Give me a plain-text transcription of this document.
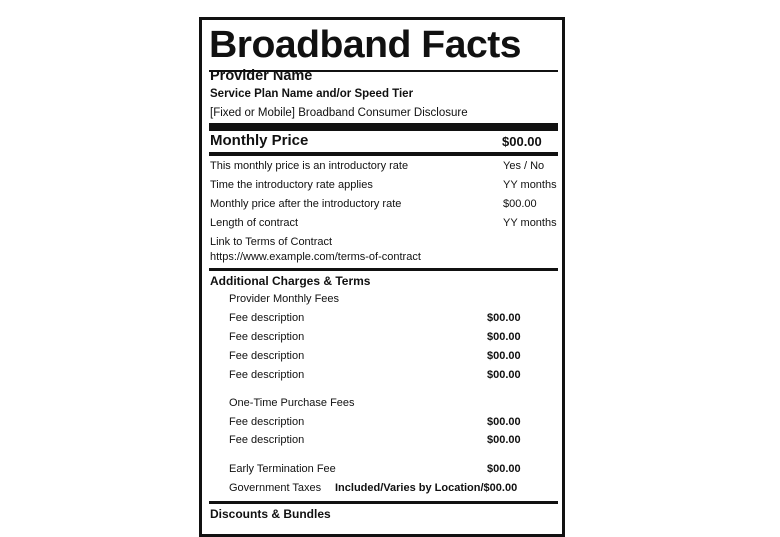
Broadband Facts
Provider Name
Service Plan Name and/or Speed Tier
[Fixed or Mobile] Broadband Consumer Disclosure
Monthly Price	$00.00
This monthly price is an introductory rate	Yes / No
Time the introductory rate applies	YY months
Monthly price after the introductory rate	$00.00
Length of contract	YY months
Link to Terms of Contract
https://www.example.com/terms-of-contract
Additional Charges & Terms
Provider Monthly Fees
Fee description	$00.00
Fee description	$00.00
Fee description	$00.00
Fee description	$00.00
One-Time Purchase Fees
Fee description	$00.00
Fee description	$00.00
Early Termination Fee	$00.00
Government Taxes Included/Varies by Location/$00.00
Discounts & Bundles
